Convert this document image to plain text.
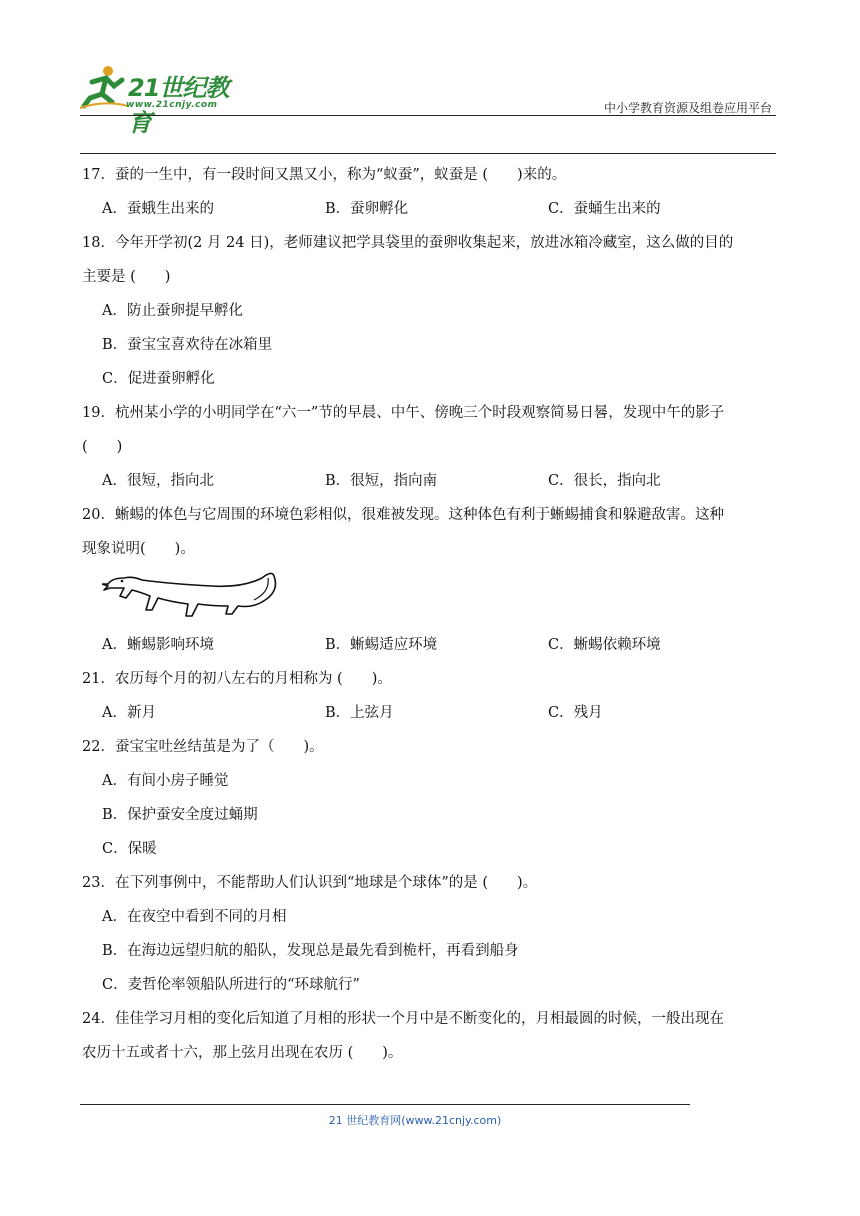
21世纪教育
www.21cnjy.com	中小学教育资源及组卷应用平台

17．蚕的一生中，有一段时间又黑又小，称为“蚁蚕”，蚁蚕是 (　　)来的。

A．蚕蛾生出来的	B．蚕卵孵化	C．蚕蛹生出来的

18．今年开学初(2 月 24 日)，老师建议把学具袋里的蚕卵收集起来，放进冰箱冷藏室，这么做的目的

主要是 (　　)

A．防止蚕卵提早孵化

B．蚕宝宝喜欢待在冰箱里

C．促进蚕卵孵化

19．杭州某小学的小明同学在“六一”节的早晨、中午、傍晚三个时段观察简易日晷，发现中午的影子

(　　)

A．很短，指向北	B．很短，指向南	C．很长，指向北

20．蜥蜴的体色与它周围的环境色彩相似，很难被发现。这种体色有利于蜥蜴捕食和躲避敌害。这种

现象说明(　　)。

A．蜥蜴影响环境	B．蜥蜴适应环境	C．蜥蜴依赖环境

21．农历每个月的初八左右的月相称为 (　　)。

A．新月	B．上弦月	C．残月

22．蚕宝宝吐丝结茧是为了（　　)。

A．有间小房子睡觉

B．保护蚕安全度过蛹期

C．保暖

23．在下列事例中，不能帮助人们认识到“地球是个球体”的是 (　　)。

A．在夜空中看到不同的月相

B．在海边远望归航的船队，发现总是最先看到桅杆，再看到船身

C．麦哲伦率领船队所进行的“环球航行”

24．佳佳学习月相的变化后知道了月相的形状一个月中是不断变化的，月相最圆的时候，一般出现在

农历十五或者十六，那上弦月出现在农历 (　　)。

21 世纪教育网(www.21cnjy.com)
